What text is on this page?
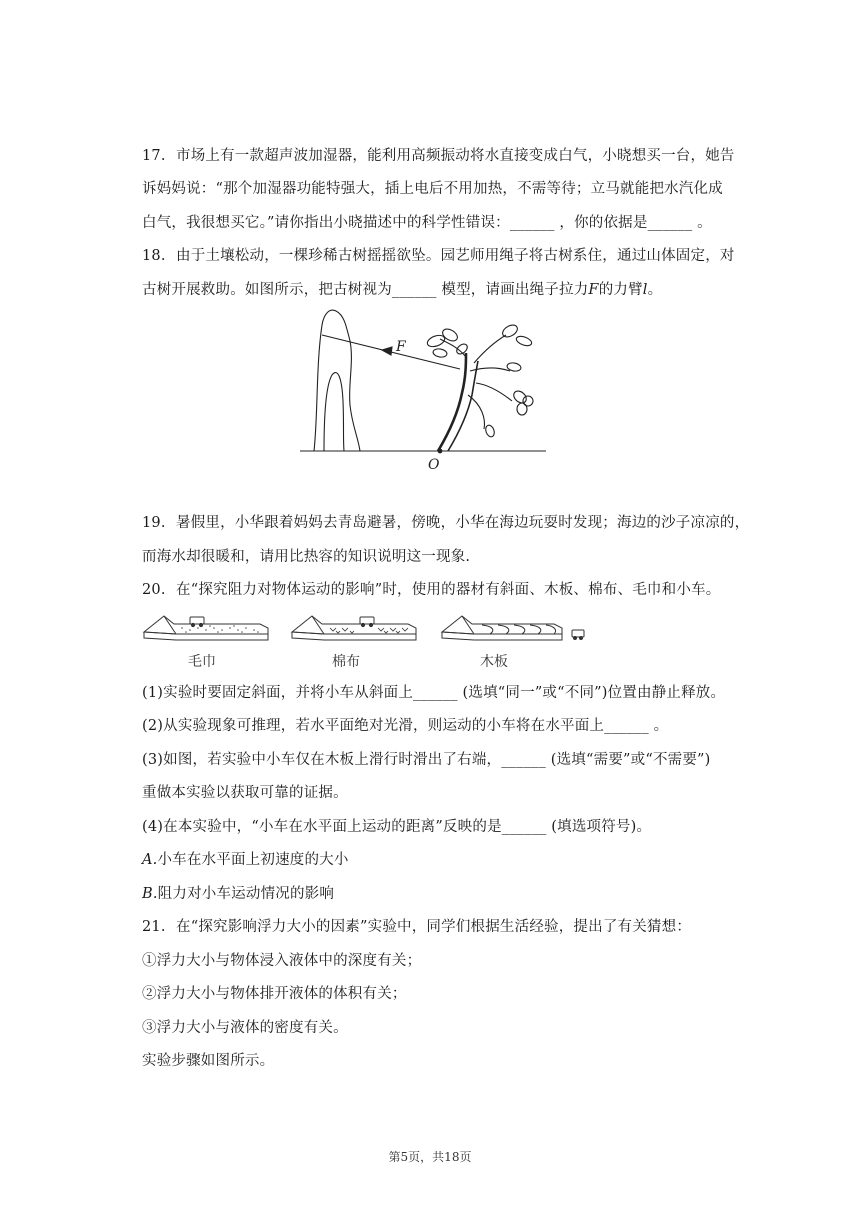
17. 市场上有一款超声波加湿器，能利用高频振动将水直接变成白气，小晓想买一台，她告
诉妈妈说：“那个加湿器功能特强大，插上电后不用加热，不需等待；立马就能把水汽化成
白气，我很想买它。”请你指出小晓描述中的科学性错误：______ ，你的依据是______ 。
18. 由于土壤松动，一棵珍稀古树摇摇欲坠。园艺师用绳子将古树系住，通过山体固定，对
古树开展救助。如图所示，把古树视为______ 模型，请画出绳子拉力F的力臂l。
F
O
19. 暑假里，小华跟着妈妈去青岛避暑，傍晚，小华在海边玩耍时发现；海边的沙子凉凉的，
而海水却很暖和，请用比热容的知识说明这一现象.
20. 在“探究阻力对物体运动的影响”时，使用的器材有斜面、木板、棉布、毛巾和小车。
毛巾	棉布	木板
(1)实验时要固定斜面，并将小车从斜面上______ (选填“同一”或“不同”)位置由静止释放。
(2)从实验现象可推理，若水平面绝对光滑，则运动的小车将在水平面上______ 。
(3)如图，若实验中小车仅在木板上滑行时滑出了右端，______ (选填“需要”或“不需要”)
重做本实验以获取可靠的证据。
(4)在本实验中，“小车在水平面上运动的距离”反映的是______ (填选项符号)。
A.小车在水平面上初速度的大小
B.阻力对小车运动情况的影响
21. 在“探究影响浮力大小的因素”实验中，同学们根据生活经验，提出了有关猜想：
①浮力大小与物体浸入液体中的深度有关；
②浮力大小与物体排开液体的体积有关；
③浮力大小与液体的密度有关。
实验步骤如图所示。
第5页，共18页
